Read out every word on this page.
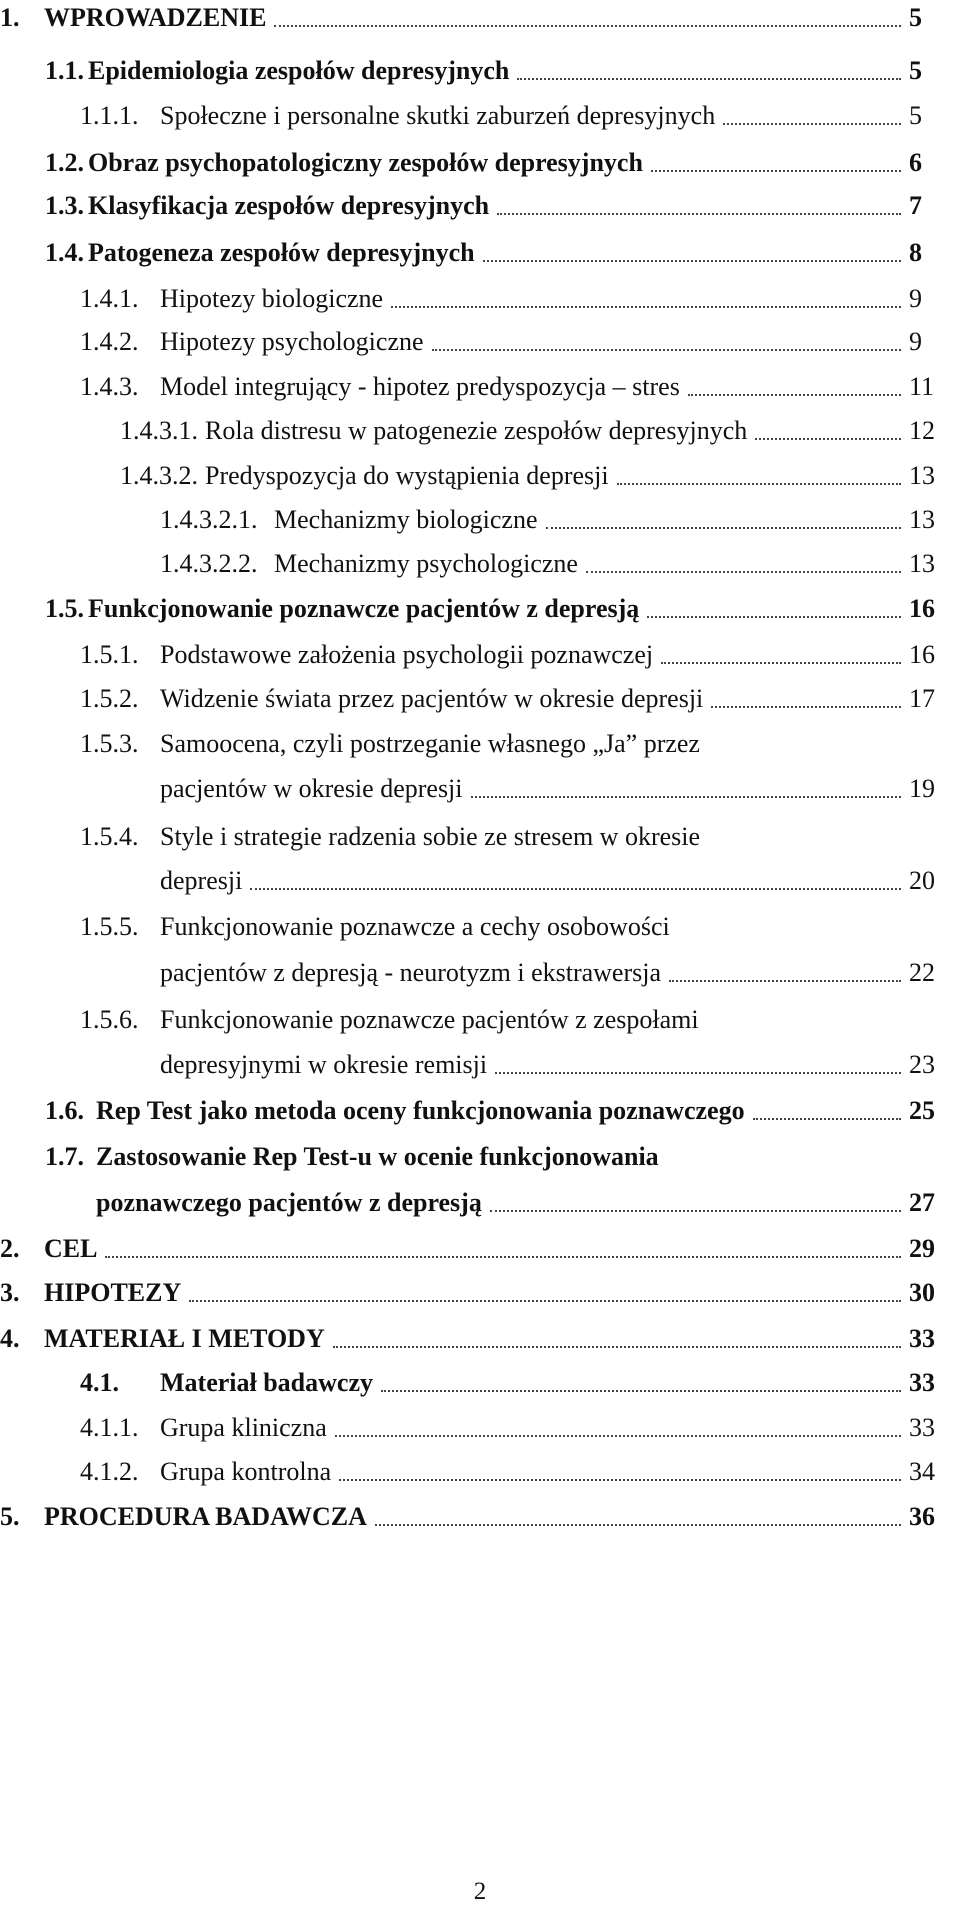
1. WPROWADZENIE	5
1.1. Epidemiologia zespołów depresyjnych	5
1.1.1. Społeczne i personalne skutki zaburzeń depresyjnych	5
1.2. Obraz psychopatologiczny zespołów depresyjnych	6
1.3. Klasyfikacja zespołów depresyjnych	7
1.4. Patogeneza zespołów depresyjnych	8
1.4.1. Hipotezy biologiczne	9
1.4.2. Hipotezy psychologiczne	9
1.4.3. Model integrujący - hipotez predyspozycja – stres	11
1.4.3.1. Rola distresu w patogenezie zespołów depresyjnych	12
1.4.3.2. Predyspozycja do wystąpienia depresji	13
1.4.3.2.1. Mechanizmy biologiczne	13
1.4.3.2.2. Mechanizmy psychologiczne	13
1.5. Funkcjonowanie poznawcze pacjentów z depresją	16
1.5.1. Podstawowe założenia psychologii poznawczej	16
1.5.2. Widzenie świata przez pacjentów w okresie depresji	17
1.5.3. Samoocena, czyli postrzeganie własnego „Ja” przez
pacjentów w okresie depresji	19
1.5.4. Style i strategie radzenia sobie ze stresem w okresie
depresji	20
1.5.5. Funkcjonowanie poznawcze a cechy osobowości
pacjentów z depresją - neurotyzm i ekstrawersja	22
1.5.6. Funkcjonowanie poznawcze pacjentów z zespołami
depresyjnymi w okresie remisji	23
1.6. Rep Test jako metoda oceny funkcjonowania poznawczego	25
1.7. Zastosowanie Rep Test-u w ocenie funkcjonowania
poznawczego pacjentów z depresją	27
2. CEL	29
3. HIPOTEZY	30
4. MATERIAŁ I METODY	33
4.1. Materiał badawczy	33
4.1.1. Grupa kliniczna	33
4.1.2. Grupa kontrolna	34
5. PROCEDURA BADAWCZA	36
2
